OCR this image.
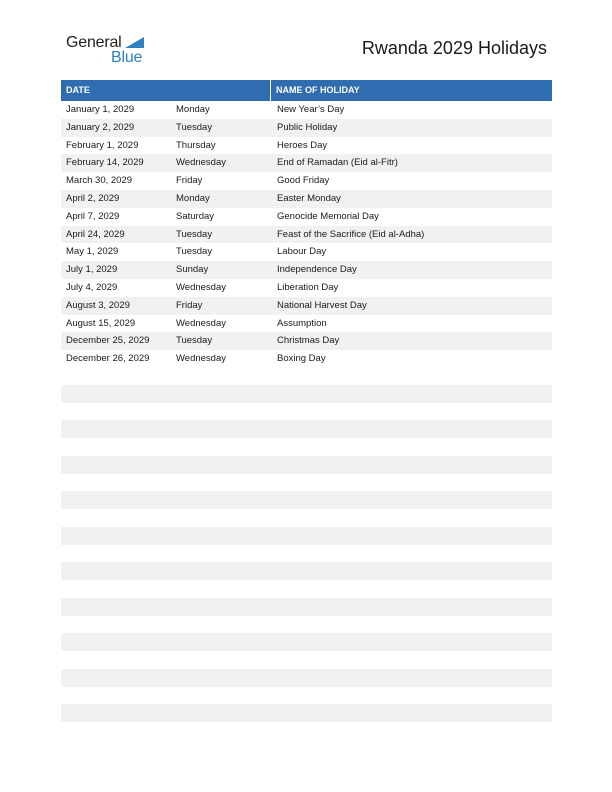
General
Blue	Rwanda 2029 Holidays
DATE	NAME OF HOLIDAY
January 1, 2029	Monday	New Year’s Day
January 2, 2029	Tuesday	Public Holiday
February 1, 2029	Thursday	Heroes Day
February 14, 2029	Wednesday	End of Ramadan (Eid al-Fitr)
March 30, 2029	Friday	Good Friday
April 2, 2029	Monday	Easter Monday
April 7, 2029	Saturday	Genocide Memorial Day
April 24, 2029	Tuesday	Feast of the Sacrifice (Eid al-Adha)
May 1, 2029	Tuesday	Labour Day
July 1, 2029	Sunday	Independence Day
July 4, 2029	Wednesday	Liberation Day
August 3, 2029	Friday	National Harvest Day
August 15, 2029	Wednesday	Assumption
December 25, 2029	Tuesday	Christmas Day
December 26, 2029	Wednesday	Boxing Day
